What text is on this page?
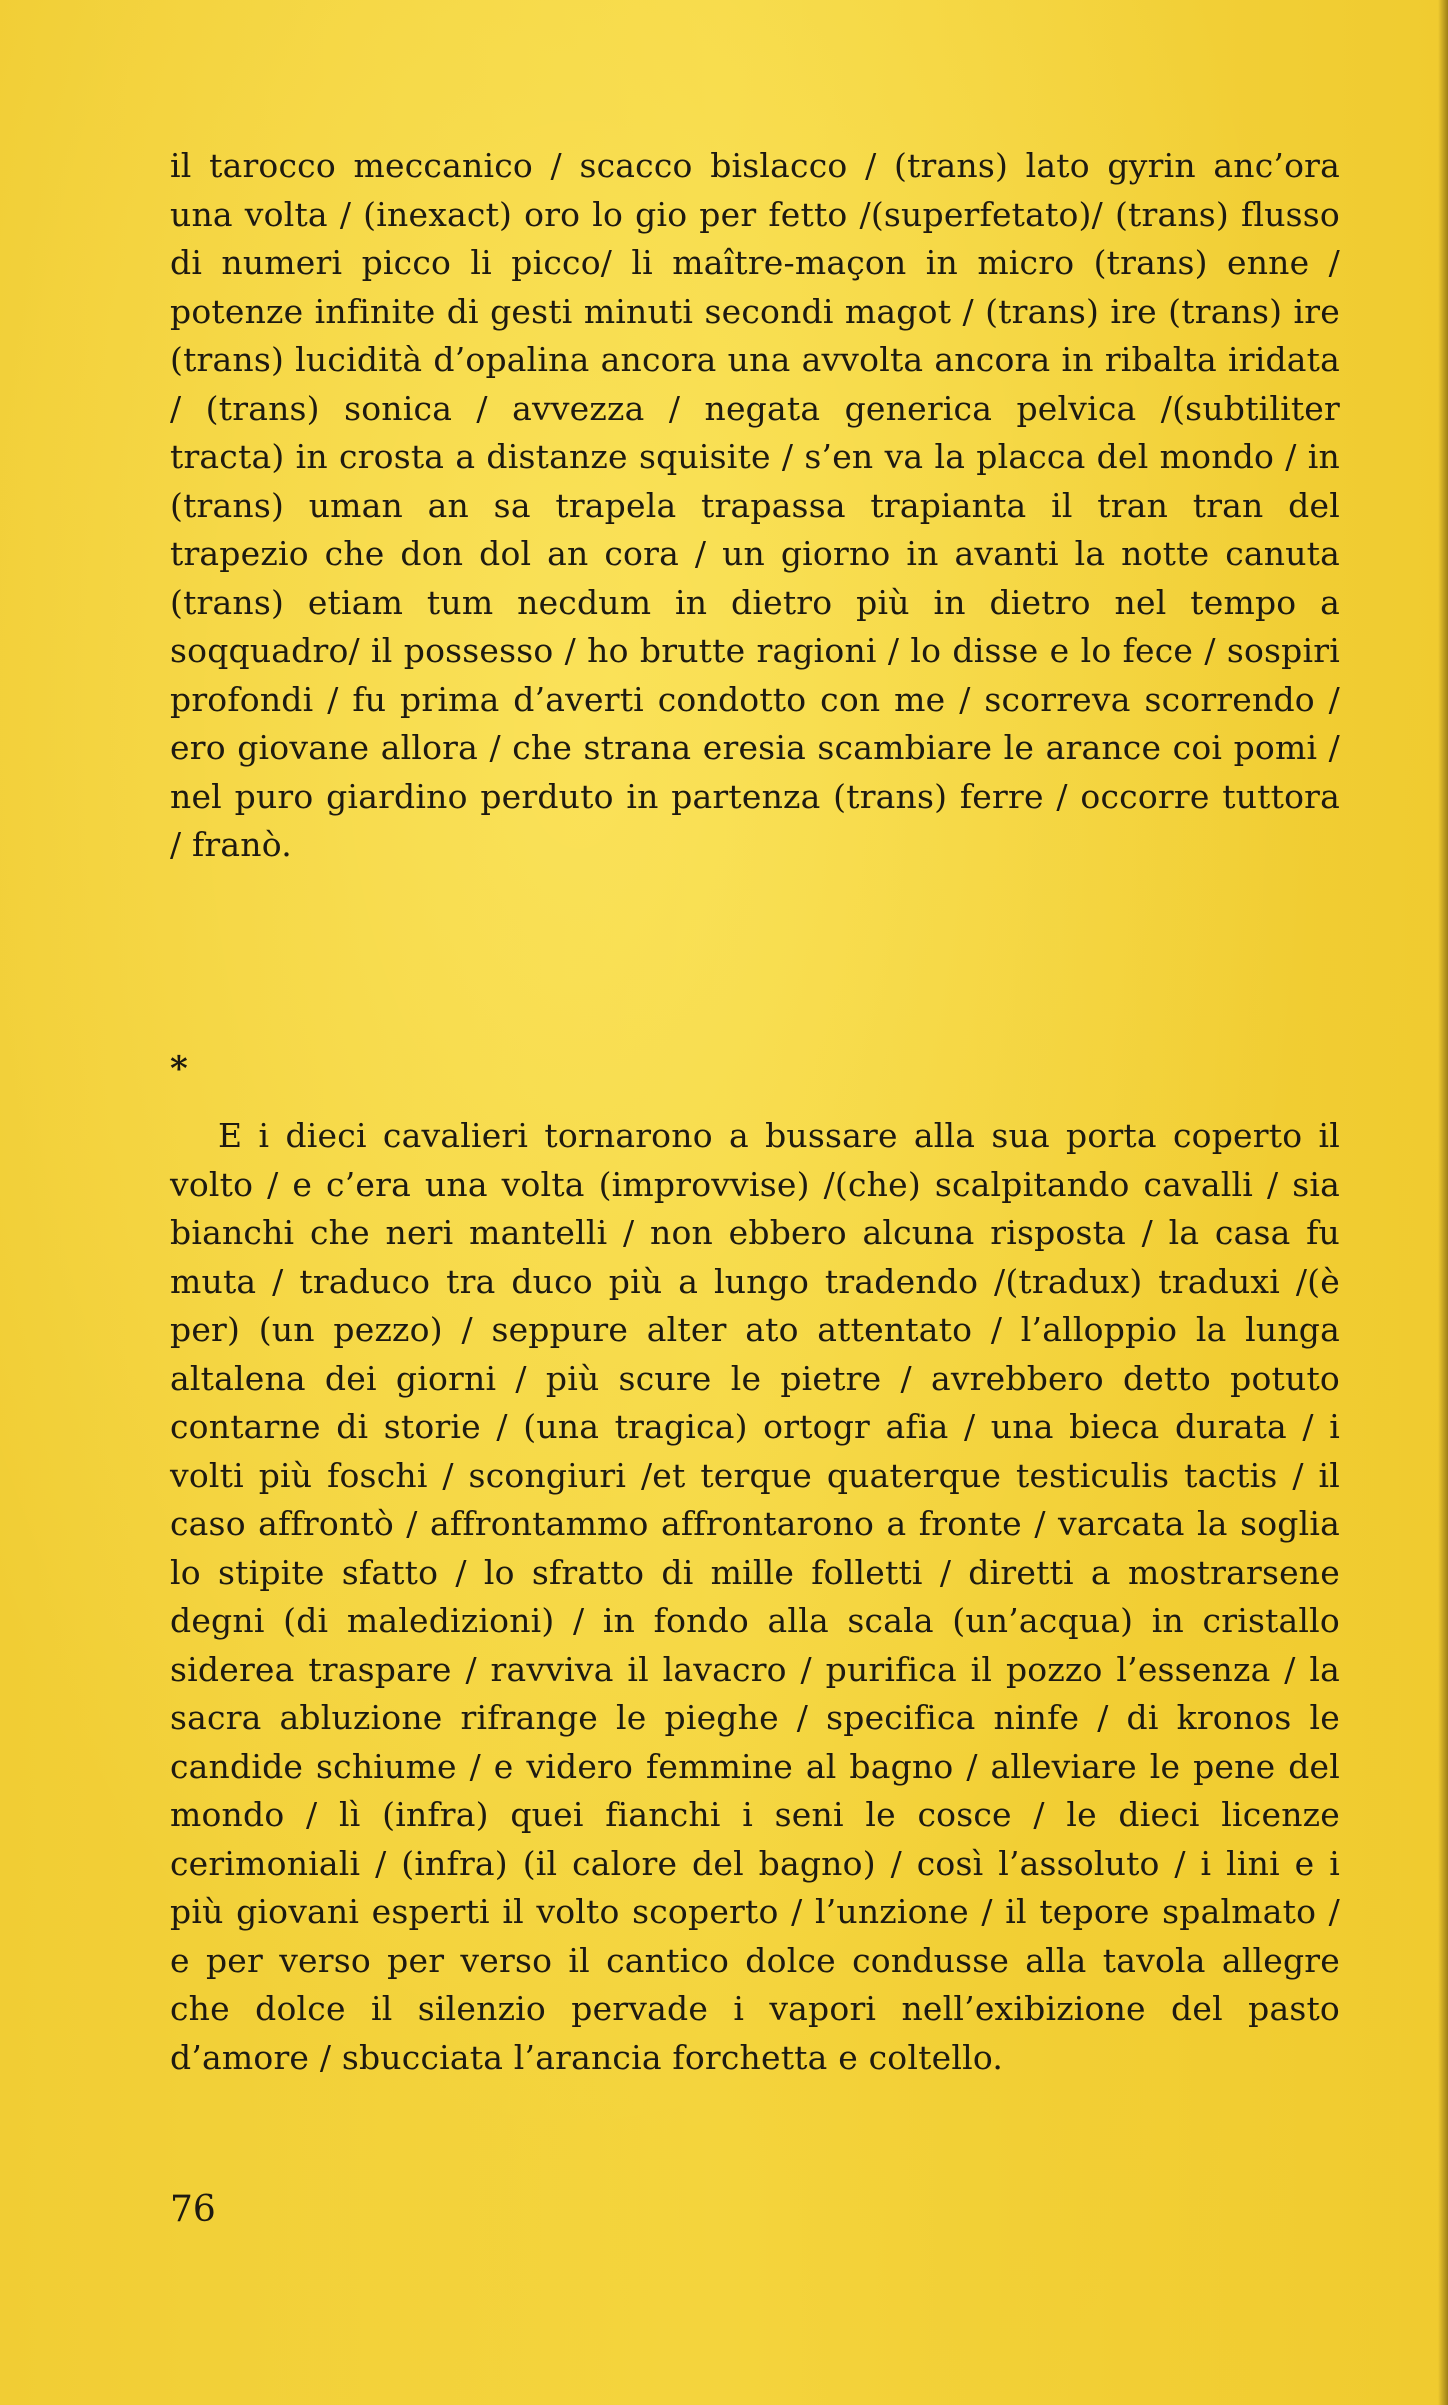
il tarocco meccanico / scacco bislacco / (trans) lato gyrin anc’ora una volta / (inexact) oro lo gio per fetto /(superfetato)/ (trans) flusso di numeri picco li picco/ li maître-maçon in micro (trans) enne / potenze infinite di gesti minuti secondi magot / (trans) ire (trans) ire (trans) lucidità d’opalina ancora una avvolta ancora in ribalta iridata / (trans) sonica / avvezza / negata generica pelvica /(subtiliter tracta) in crosta a distanze squisite / s’en va la placca del mondo / in (trans) uman an sa trapela trapassa trapianta il tran tran del trapezio che don dol an cora / un giorno in avanti la notte canuta (trans) etiam tum necdum in dietro più in dietro nel tempo a soqquadro/ il possesso / ho brutte ragioni / lo disse e lo fece / sospiri profondi / fu prima d’averti condotto con me / scorreva scorrendo / ero giovane allora / che strana eresia scambiare le arance coi pomi / nel puro giardino perduto in partenza (trans) ferre / occorre tuttora / franò.

*

E i dieci cavalieri tornarono a bussare alla sua porta coperto il volto / e c’era una volta (improvvise) /(che) scalpitando cavalli / sia bianchi che neri mantelli / non ebbero alcuna risposta / la casa fu muta / traduco tra duco più a lungo tradendo /(tradux) traduxi /(è per) (un pezzo) / seppure alter ato attentato / l’alloppio la lunga altalena dei giorni / più scure le pietre / avrebbero detto potuto contarne di storie / (una tragica) ortogr afia / una bieca durata / i volti più foschi / scongiuri /et terque quaterque testiculis tactis / il caso affrontò / affrontammo affrontarono a fronte / varcata la soglia lo stipite sfatto / lo sfratto di mille folletti / diretti a mostrarsene degni (di maledizioni) / in fondo alla scala (un’acqua) in cristallo siderea traspare / ravviva il lavacro / purifica il pozzo l’essenza / la sacra abluzione rifrange le pieghe / specifica ninfe / di kronos le candide schiume / e videro femmine al bagno / alleviare le pene del mondo / lì (infra) quei fianchi i seni le cosce / le dieci licenze cerimoniali / (infra) (il calore del bagno) / così l’assoluto / i lini e i più giovani esperti il volto scoperto / l’unzione / il tepore spalmato / e per verso per verso il cantico dolce condusse alla tavola allegre che dolce il silenzio pervade i vapori nell’exibizione del pasto d’amore / sbucciata l’arancia forchetta e coltello.

76
